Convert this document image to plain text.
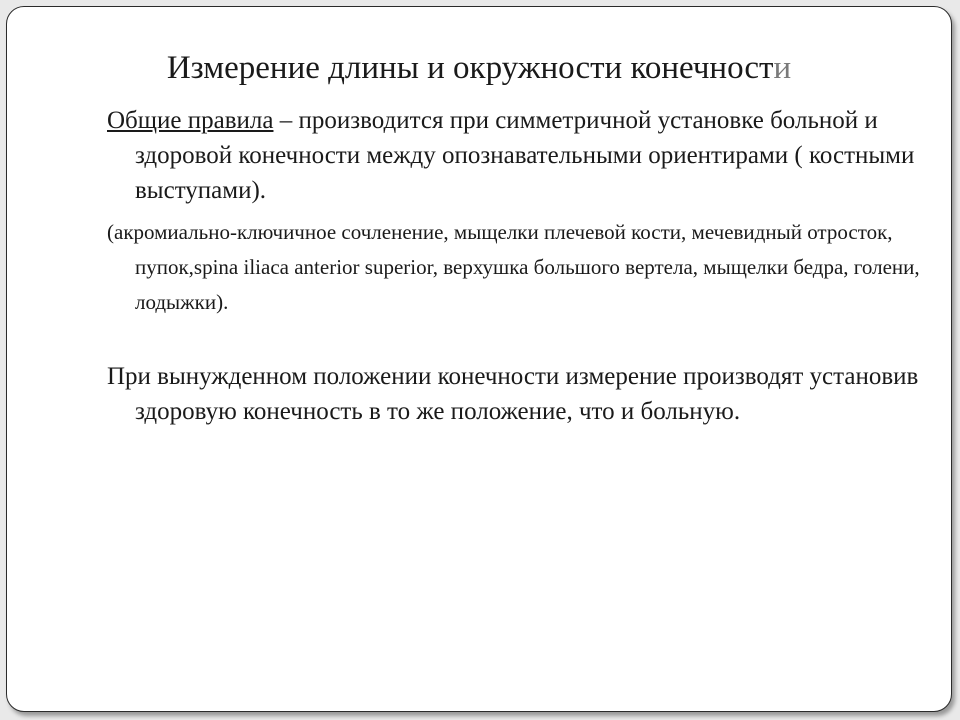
Измерение длины и окружности конечности

Общие правила – производится при симметричной установке больной и здоровой конечности между опознавательными ориентирами ( костными выступами).

(акромиально-ключичное сочленение, мыщелки плечевой кости, мечевидный отросток, пупок,spina iliaca anterior superior, верхушка большого вертела, мыщелки бедра, голени, лодыжки).

При вынужденном положении конечности измерение производят установив здоровую конечность в то же положение, что и больную.
